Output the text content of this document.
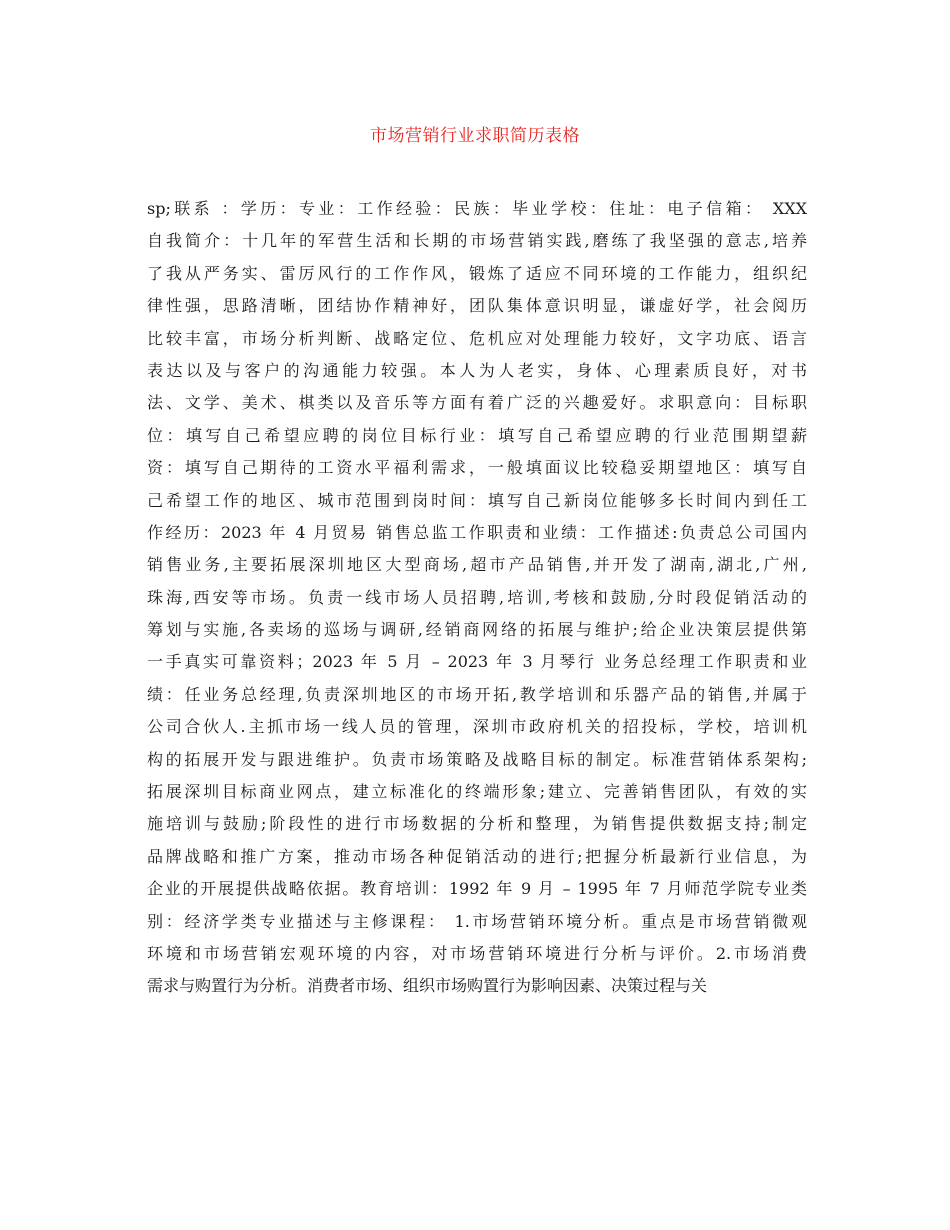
市场营销行业求职简历表格
sp;联系 ：学历：专业：工作经验：民族：毕业学校：住址：电子信箱： XXX
自我简介：十几年的军营生活和长期的市场营销实践,磨练了我坚强的意志,培养
了我从严务实、雷厉风行的工作作风，锻炼了适应不同环境的工作能力，组织纪
律性强，思路清晰，团结协作精神好，团队集体意识明显，谦虚好学，社会阅历
比较丰富，市场分析判断、战略定位、危机应对处理能力较好，文字功底、语言
表达以及与客户的沟通能力较强。本人为人老实，身体、心理素质良好，对书
法、文学、美术、棋类以及音乐等方面有着广泛的兴趣爱好。求职意向：目标职
位：填写自己希望应聘的岗位目标行业：填写自己希望应聘的行业范围期望薪
资：填写自己期待的工资水平福利需求，一般填面议比较稳妥期望地区：填写自
己希望工作的地区、城市范围到岗时间：填写自己新岗位能够多长时间内到任工
作经历：2023 年 4 月贸易 销售总监工作职责和业绩：工作描述:负责总公司国内
销售业务,主要拓展深圳地区大型商场,超市产品销售,并开发了湖南,湖北,广州,
珠海,西安等市场。负责一线市场人员招聘,培训,考核和鼓励,分时段促销活动的
筹划与实施,各卖场的巡场与调研,经销商网络的拓展与维护;给企业决策层提供第
一手真实可靠资料；2023 年 5 月 – 2023 年 3 月琴行 业务总经理工作职责和业
绩：任业务总经理,负责深圳地区的市场开拓,教学培训和乐器产品的销售,并属于
公司合伙人.主抓市场一线人员的管理，深圳市政府机关的招投标，学校，培训机
构的拓展开发与跟进维护。负责市场策略及战略目标的制定。标准营销体系架构;
拓展深圳目标商业网点，建立标准化的终端形象;建立、完善销售团队，有效的实
施培训与鼓励;阶段性的进行市场数据的分析和整理，为销售提供数据支持;制定
品牌战略和推广方案，推动市场各种促销活动的进行;把握分析最新行业信息，为
企业的开展提供战略依据。教育培训：1992 年 9 月 – 1995 年 7 月师范学院专业类
别：经济学类专业描述与主修课程： 1.市场营销环境分析。重点是市场营销微观
环境和市场营销宏观环境的内容，对市场营销环境进行分析与评价。2.市场消费
需求与购置行为分析。消费者市场、组织市场购置行为影响因素、决策过程与关
